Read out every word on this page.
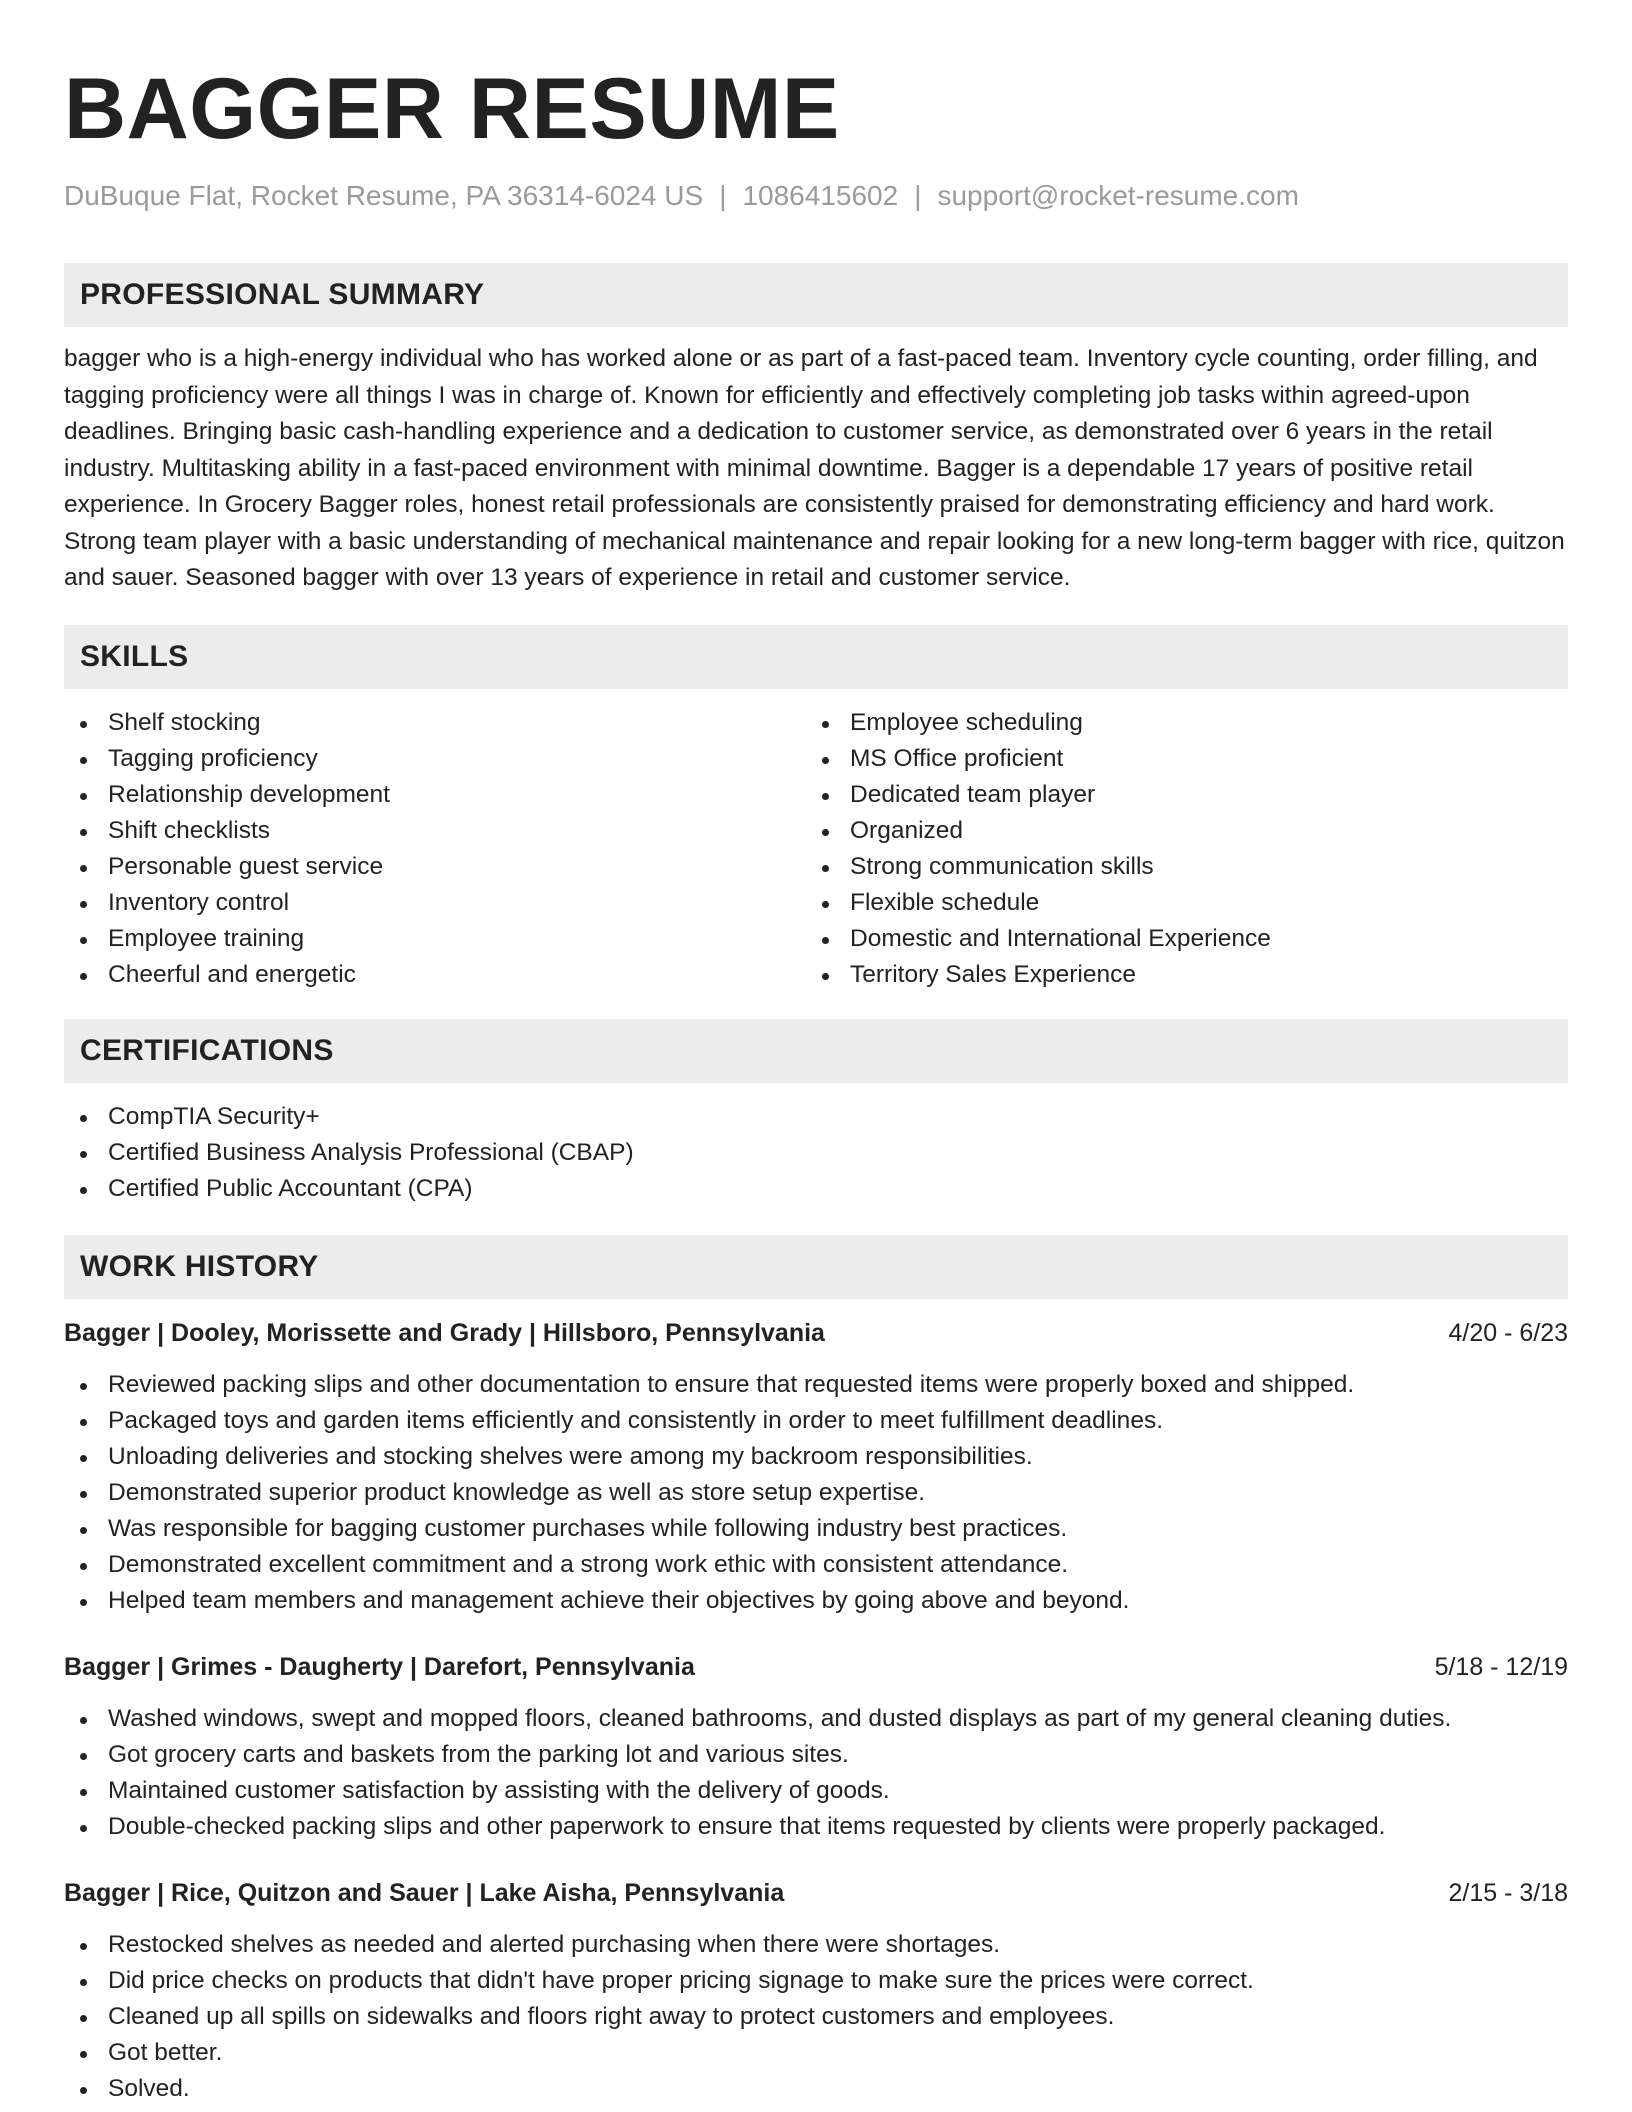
BAGGER RESUME
DuBuque Flat, Rocket Resume, PA 36314-6024 US | 1086415602 | support@rocket-resume.com
PROFESSIONAL SUMMARY
bagger who is a high-energy individual who has worked alone or as part of a fast-paced team. Inventory cycle counting, order filling, and tagging proficiency were all things I was in charge of. Known for efficiently and effectively completing job tasks within agreed-upon deadlines. Bringing basic cash-handling experience and a dedication to customer service, as demonstrated over 6 years in the retail industry. Multitasking ability in a fast-paced environment with minimal downtime. Bagger is a dependable 17 years of positive retail experience. In Grocery Bagger roles, honest retail professionals are consistently praised for demonstrating efficiency and hard work. Strong team player with a basic understanding of mechanical maintenance and repair looking for a new long-term bagger with rice, quitzon and sauer. Seasoned bagger with over 13 years of experience in retail and customer service.
SKILLS
Shelf stocking
Tagging proficiency
Relationship development
Shift checklists
Personable guest service
Inventory control
Employee training
Cheerful and energetic
Employee scheduling
MS Office proficient
Dedicated team player
Organized
Strong communication skills
Flexible schedule
Domestic and International Experience
Territory Sales Experience
CERTIFICATIONS
CompTIA Security+
Certified Business Analysis Professional (CBAP)
Certified Public Accountant (CPA)
WORK HISTORY
Bagger | Dooley, Morissette and Grady | Hillsboro, Pennsylvania	4/20 - 6/23
Reviewed packing slips and other documentation to ensure that requested items were properly boxed and shipped.
Packaged toys and garden items efficiently and consistently in order to meet fulfillment deadlines.
Unloading deliveries and stocking shelves were among my backroom responsibilities.
Demonstrated superior product knowledge as well as store setup expertise.
Was responsible for bagging customer purchases while following industry best practices.
Demonstrated excellent commitment and a strong work ethic with consistent attendance.
Helped team members and management achieve their objectives by going above and beyond.
Bagger | Grimes - Daugherty | Darefort, Pennsylvania	5/18 - 12/19
Washed windows, swept and mopped floors, cleaned bathrooms, and dusted displays as part of my general cleaning duties.
Got grocery carts and baskets from the parking lot and various sites.
Maintained customer satisfaction by assisting with the delivery of goods.
Double-checked packing slips and other paperwork to ensure that items requested by clients were properly packaged.
Bagger | Rice, Quitzon and Sauer | Lake Aisha, Pennsylvania	2/15 - 3/18
Restocked shelves as needed and alerted purchasing when there were shortages.
Did price checks on products that didn't have proper pricing signage to make sure the prices were correct.
Cleaned up all spills on sidewalks and floors right away to protect customers and employees.
Got better.
Solved.
